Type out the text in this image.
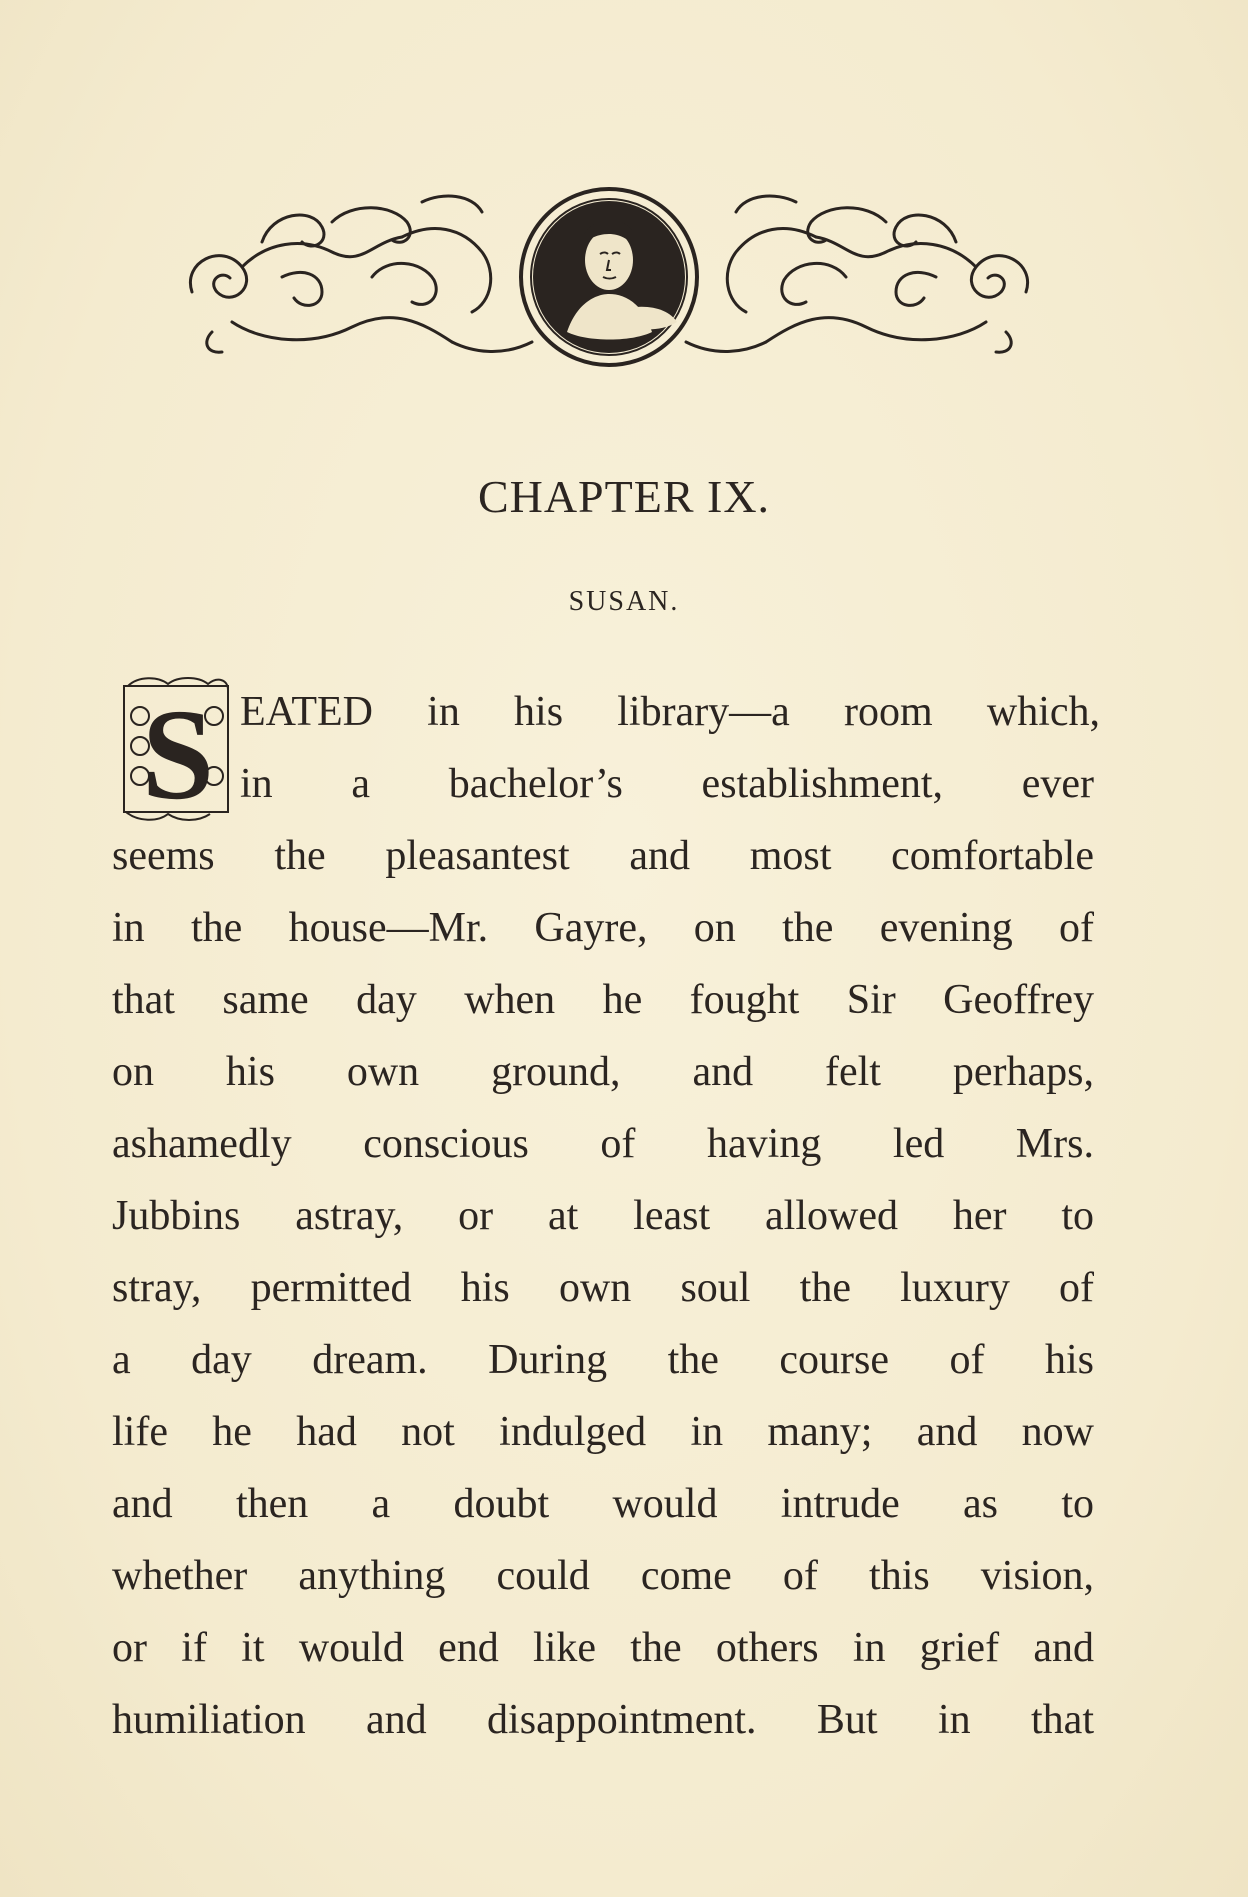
CHAPTER IX.
SUSAN.
S EATED in his library—a room which,
in a bachelor’s establishment, ever
seems the pleasantest and most comfortable
in the house—Mr. Gayre, on the evening of
that same day when he fought Sir Geoffrey
on his own ground, and felt perhaps,
ashamedly conscious of having led Mrs.
Jubbins astray, or at least allowed her to
stray, permitted his own soul the luxury of
a day dream. During the course of his
life he had not indulged in many; and now
and then a doubt would intrude as to
whether anything could come of this vision,
or if it would end like the others in grief and
humiliation and disappointment. But in that
